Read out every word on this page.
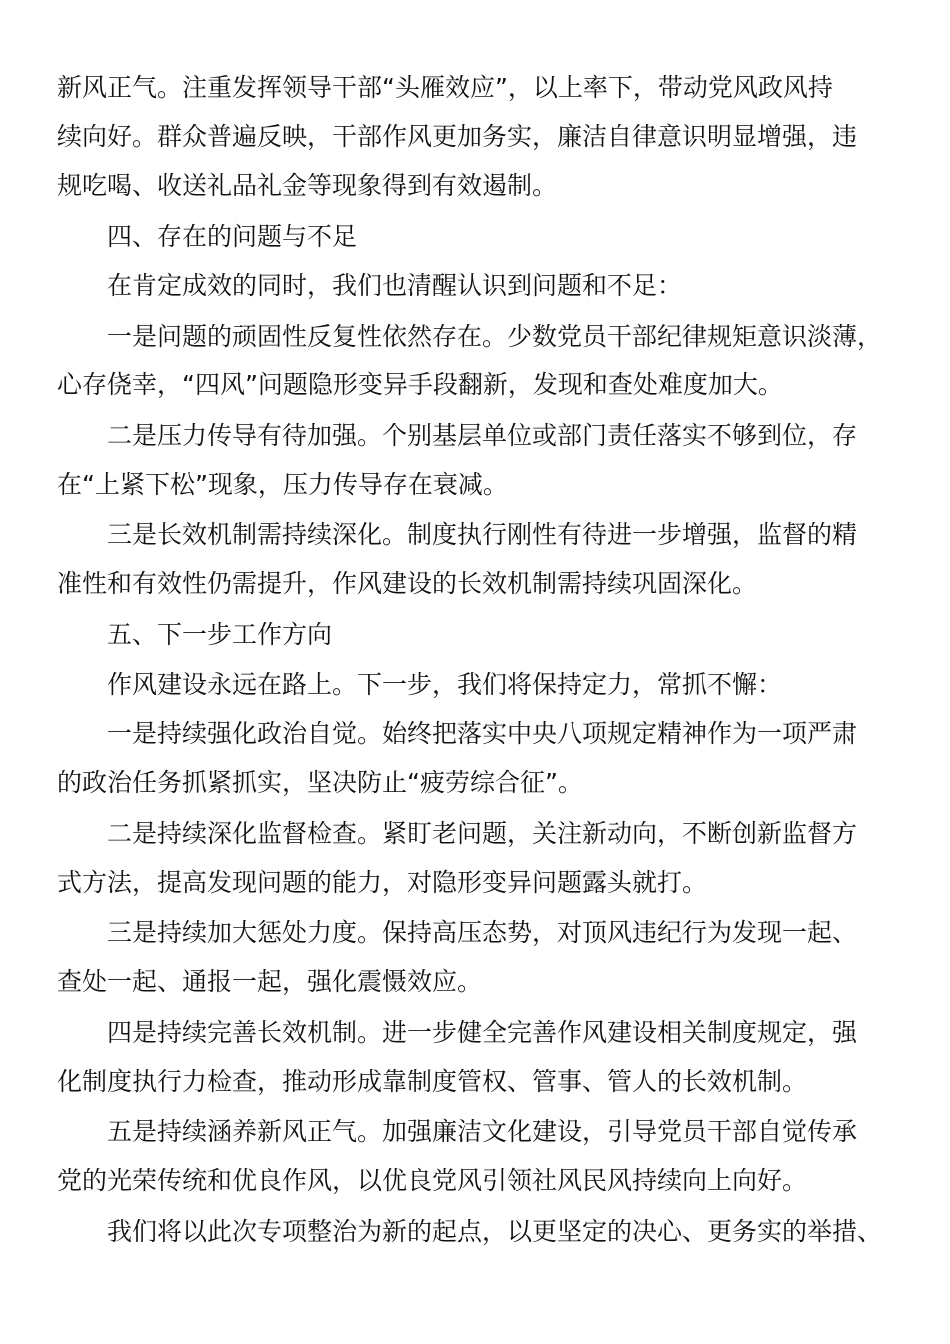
新风正气。注重发挥领导干部“头雁效应”，以上率下，带动党风政风持
续向好。群众普遍反映，干部作风更加务实，廉洁自律意识明显增强，违
规吃喝、收送礼品礼金等现象得到有效遏制。
四、存在的问题与不足
在肯定成效的同时，我们也清醒认识到问题和不足：
一是问题的顽固性反复性依然存在。少数党员干部纪律规矩意识淡薄，
心存侥幸，“四风”问题隐形变异手段翻新，发现和查处难度加大。
二是压力传导有待加强。个别基层单位或部门责任落实不够到位，存
在“上紧下松”现象，压力传导存在衰减。
三是长效机制需持续深化。制度执行刚性有待进一步增强，监督的精
准性和有效性仍需提升，作风建设的长效机制需持续巩固深化。
五、下一步工作方向
作风建设永远在路上。下一步，我们将保持定力，常抓不懈：
一是持续强化政治自觉。始终把落实中央八项规定精神作为一项严肃
的政治任务抓紧抓实，坚决防止“疲劳综合征”。
二是持续深化监督检查。紧盯老问题，关注新动向，不断创新监督方
式方法，提高发现问题的能力，对隐形变异问题露头就打。
三是持续加大惩处力度。保持高压态势，对顶风违纪行为发现一起、
查处一起、通报一起，强化震慑效应。
四是持续完善长效机制。进一步健全完善作风建设相关制度规定，强
化制度执行力检查，推动形成靠制度管权、管事、管人的长效机制。
五是持续涵养新风正气。加强廉洁文化建设，引导党员干部自觉传承
党的光荣传统和优良作风，以优良党风引领社风民风持续向上向好。
我们将以此次专项整治为新的起点，以更坚定的决心、更务实的举措、
